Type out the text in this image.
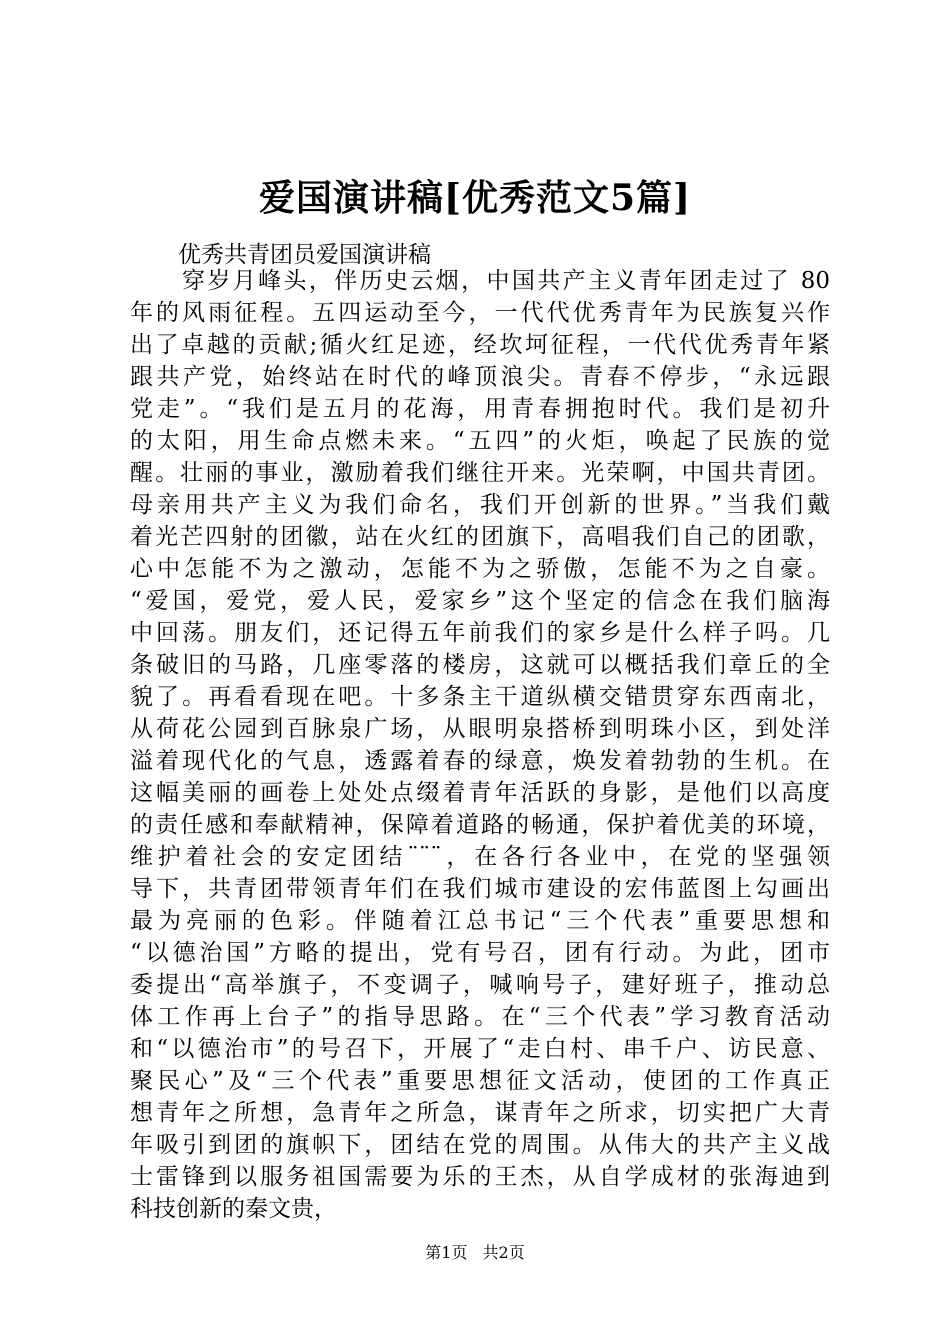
爱国演讲稿[优秀范文5篇]
优秀共青团员爱国演讲稿
穿岁月峰头，伴历史云烟，中国共产主义青年团走过了 80
年的风雨征程。五四运动至今，一代代优秀青年为民族复兴作
出了卓越的贡献;循火红足迹，经坎坷征程，一代代优秀青年紧
跟共产党，始终站在时代的峰顶浪尖。青春不停步，“永远跟
党走”。“我们是五月的花海，用青春拥抱时代。我们是初升
的太阳，用生命点燃未来。“五四”的火炬，唤起了民族的觉
醒。壮丽的事业，激励着我们继往开来。光荣啊，中国共青团。
母亲用共产主义为我们命名，我们开创新的世界。”当我们戴
着光芒四射的团徽，站在火红的团旗下，高唱我们自己的团歌，
心中怎能不为之激动，怎能不为之骄傲，怎能不为之自豪。
“爱国，爱党，爱人民，爱家乡”这个坚定的信念在我们脑海
中回荡。朋友们，还记得五年前我们的家乡是什么样子吗。几
条破旧的马路，几座零落的楼房，这就可以概括我们章丘的全
貌了。再看看现在吧。十多条主干道纵横交错贯穿东西南北，
从荷花公园到百脉泉广场，从眼明泉搭桥到明珠小区，到处洋
溢着现代化的气息，透露着春的绿意，焕发着勃勃的生机。在
这幅美丽的画卷上处处点缀着青年活跃的身影，是他们以高度
的责任感和奉献精神，保障着道路的畅通，保护着优美的环境，
维护着社会的安定团结¨¨¨，在各行各业中，在党的坚强领
导下，共青团带领青年们在我们城市建设的宏伟蓝图上勾画出
最为亮丽的色彩。伴随着江总书记“三个代表”重要思想和
“以德治国”方略的提出，党有号召，团有行动。为此，团市
委提出“高举旗子，不变调子，喊响号子，建好班子，推动总
体工作再上台子”的指导思路。在“三个代表”学习教育活动
和“以德治市”的号召下，开展了“走白村、串千户、访民意、
聚民心”及“三个代表”重要思想征文活动，使团的工作真正
想青年之所想，急青年之所急，谋青年之所求，切实把广大青
年吸引到团的旗帜下，团结在党的周围。从伟大的共产主义战
士雷锋到以服务祖国需要为乐的王杰，从自学成材的张海迪到
科技创新的秦文贵，
第1页 共2页
